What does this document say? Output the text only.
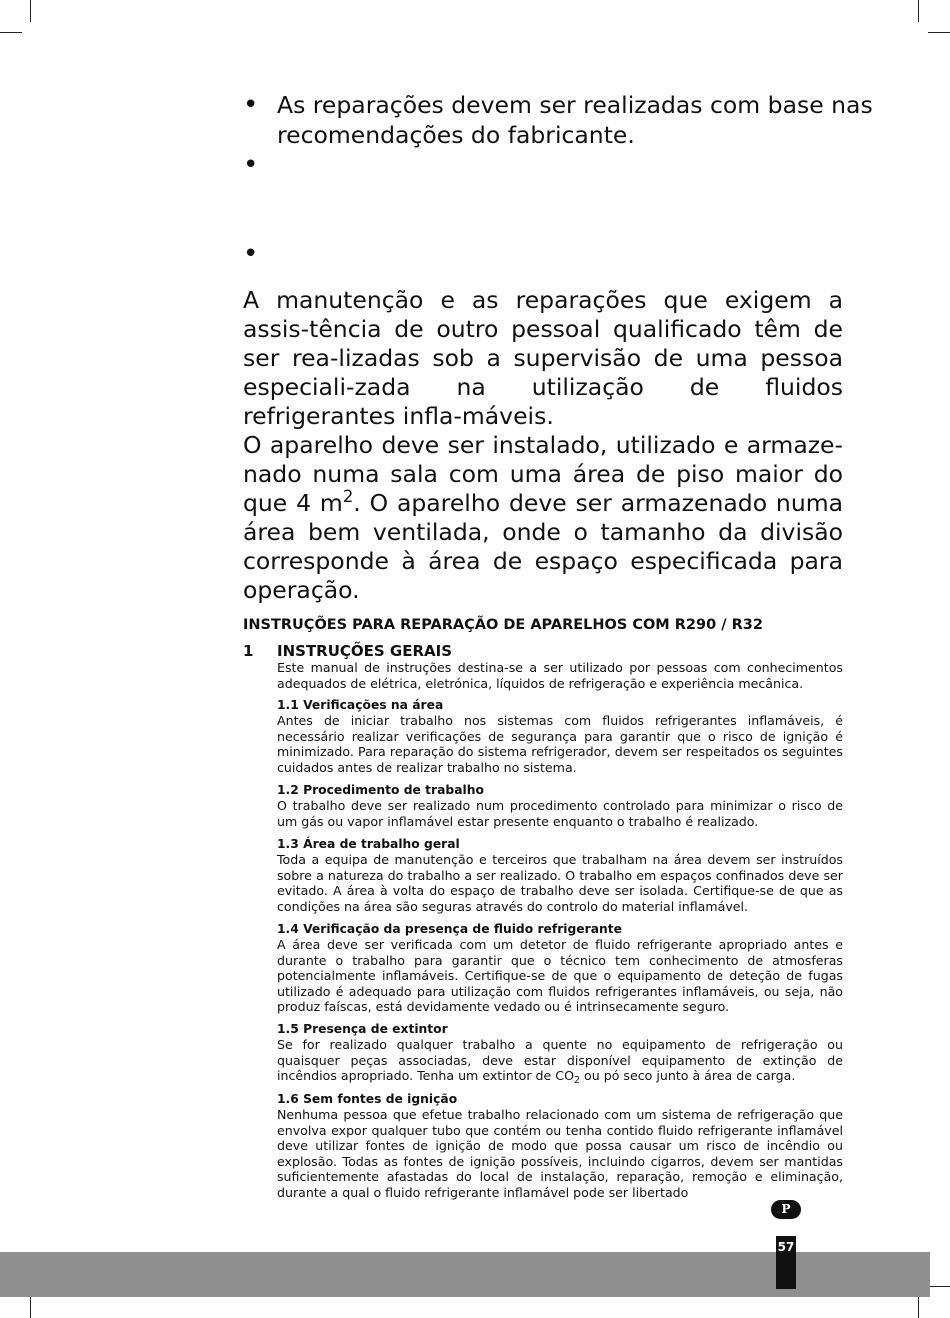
• As reparações devem ser realizadas com base nas recomendações do fabricante.
•
•

A manutenção e as reparações que exigem a assis-tência de outro pessoal qualificado têm de ser rea-lizadas sob a supervisão de uma pessoa especiali-zada na utilização de fluidos refrigerantes infla-máveis.

O aparelho deve ser instalado, utilizado e armaze-nado numa sala com uma área de piso maior do que 4 $m^2$. O aparelho deve ser armazenado numa área bem ventilada, onde o tamanho da divisão corresponde à área de espaço especificada para operação.

INSTRUÇÕES PARA REPARAÇÃO DE APARELHOS COM R290 / R32
1 INSTRUÇÕES GERAIS

Este manual de instruções destina-se a ser utilizado por pessoas com conhecimentos adequados de elétrica, eletrónica, líquidos de refrigeração e experiência mecânica.

1.1 Verificações na área

Antes de iniciar trabalho nos sistemas com fluidos refrigerantes inflamáveis, é necessário realizar verificações de segurança para garantir que o risco de ignição é minimizado. Para reparação do sistema refrigerador, devem ser respeitados os seguintes cuidados antes de realizar trabalho no sistema.

1.2 Procedimento de trabalho

O trabalho deve ser realizado num procedimento controlado para minimizar o risco de um gás ou vapor inflamável estar presente enquanto o trabalho é realizado.

1.3 Área de trabalho geral

Toda a equipa de manutenção e terceiros que trabalham na área devem ser instruídos sobre a natureza do trabalho a ser realizado. O trabalho em espaços confinados deve ser evitado. A área à volta do espaço de trabalho deve ser isolada. Certifique-se de que as condições na área são seguras através do controlo do material inflamável.

1.4 Verificação da presença de fluido refrigerante

A área deve ser verificada com um detetor de fluido refrigerante apropriado antes e durante o trabalho para garantir que o técnico tem conhecimento de atmosferas potencialmente inflamáveis. Certifique-se de que o equipamento de deteção de fugas utilizado é adequado para utilização com fluidos refrigerantes inflamáveis, ou seja, não produz faíscas, está devidamente vedado ou é intrinsecamente seguro.

1.5 Presença de extintor

Se for realizado qualquer trabalho a quente no equipamento de refrigeração ou quaisquer peças associadas, deve estar disponível equipamento de extinção de incêndios apropriado. Tenha um extintor de $CO_2$ ou pó seco junto à área de carga.

1.6 Sem fontes de ignição

Nenhuma pessoa que efetue trabalho relacionado com um sistema de refrigeração que envolva expor qualquer tubo que contém ou tenha contido fluido refrigerante inflamável deve utilizar fontes de ignição de modo que possa causar um risco de incêndio ou explosão. Todas as fontes de ignição possíveis, incluindo cigarros, devem ser mantidas suficientemente afastadas do local de instalação, reparação, remoção e eliminação, durante a qual o fluido refrigerante inflamável pode ser libertado

P
57
